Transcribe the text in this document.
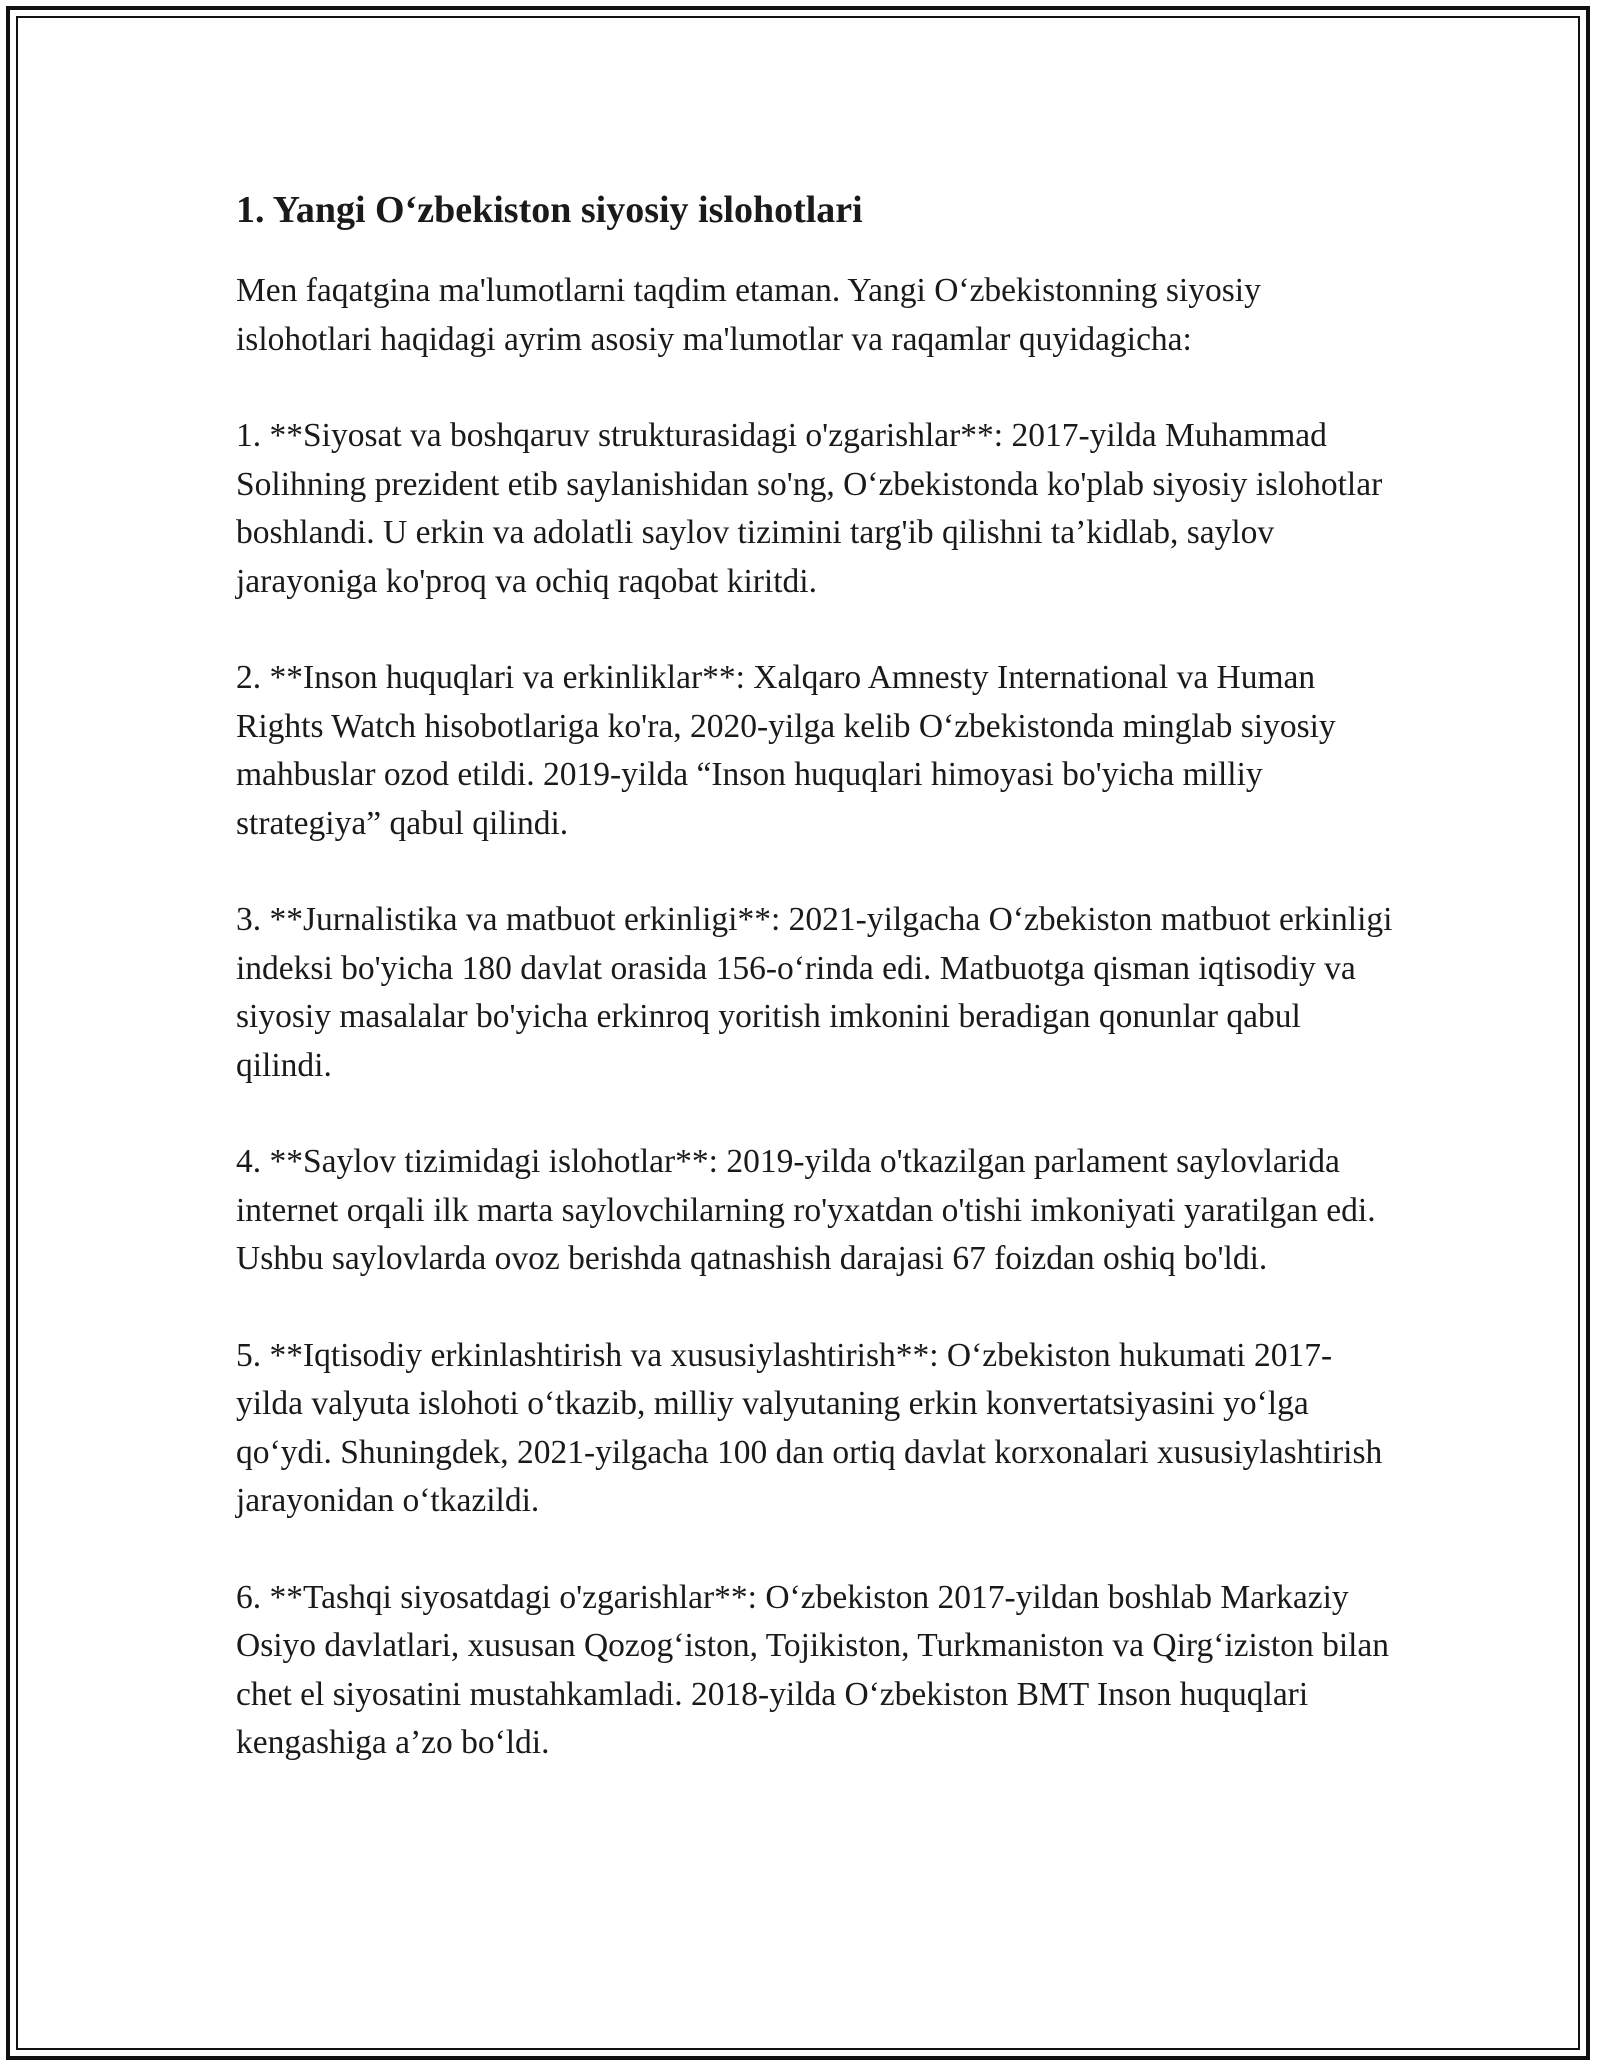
1. Yangi O‘zbekiston siyosiy islohotlari

Men faqatgina ma'lumotlarni taqdim etaman. Yangi O‘zbekistonning siyosiy islohotlari haqidagi ayrim asosiy ma'lumotlar va raqamlar quyidagicha:

1. **Siyosat va boshqaruv strukturasidagi o'zgarishlar**: 2017-yilda Muhammad Solihning prezident etib saylanishidan so'ng, O‘zbekistonda ko'plab siyosiy islohotlar boshlandi. U erkin va adolatli saylov tizimini targ'ib qilishni ta’kidlab, saylov jarayoniga ko'proq va ochiq raqobat kiritdi.

2. **Inson huquqlari va erkinliklar**: Xalqaro Amnesty International va Human Rights Watch hisobotlariga ko'ra, 2020-yilga kelib O‘zbekistonda minglab siyosiy mahbuslar ozod etildi. 2019-yilda “Inson huquqlari himoyasi bo'yicha milliy strategiya” qabul qilindi.

3. **Jurnalistika va matbuot erkinligi**: 2021-yilgacha O‘zbekiston matbuot erkinligi indeksi bo'yicha 180 davlat orasida 156-o‘rinda edi. Matbuotga qisman iqtisodiy va siyosiy masalalar bo'yicha erkinroq yoritish imkonini beradigan qonunlar qabul qilindi.

4. **Saylov tizimidagi islohotlar**: 2019-yilda o'tkazilgan parlament saylovlarida internet orqali ilk marta saylovchilarning ro'yxatdan o'tishi imkoniyati yaratilgan edi. Ushbu saylovlarda ovoz berishda qatnashish darajasi 67 foizdan oshiq bo'ldi.

5. **Iqtisodiy erkinlashtirish va xususiylashtirish**: O‘zbekiston hukumati 2017-yilda valyuta islohoti o‘tkazib, milliy valyutaning erkin konvertatsiyasini yo‘lga qo‘ydi. Shuningdek, 2021-yilgacha 100 dan ortiq davlat korxonalari xususiylashtirish jarayonidan o‘tkazildi.

6. **Tashqi siyosatdagi o'zgarishlar**: O‘zbekiston 2017-yildan boshlab Markaziy Osiyo davlatlari, xususan Qozog‘iston, Tojikiston, Turkmaniston va Qirg‘iziston bilan chet el siyosatini mustahkamladi. 2018-yilda O‘zbekiston BMT Inson huquqlari kengashiga a’zo bo‘ldi.
